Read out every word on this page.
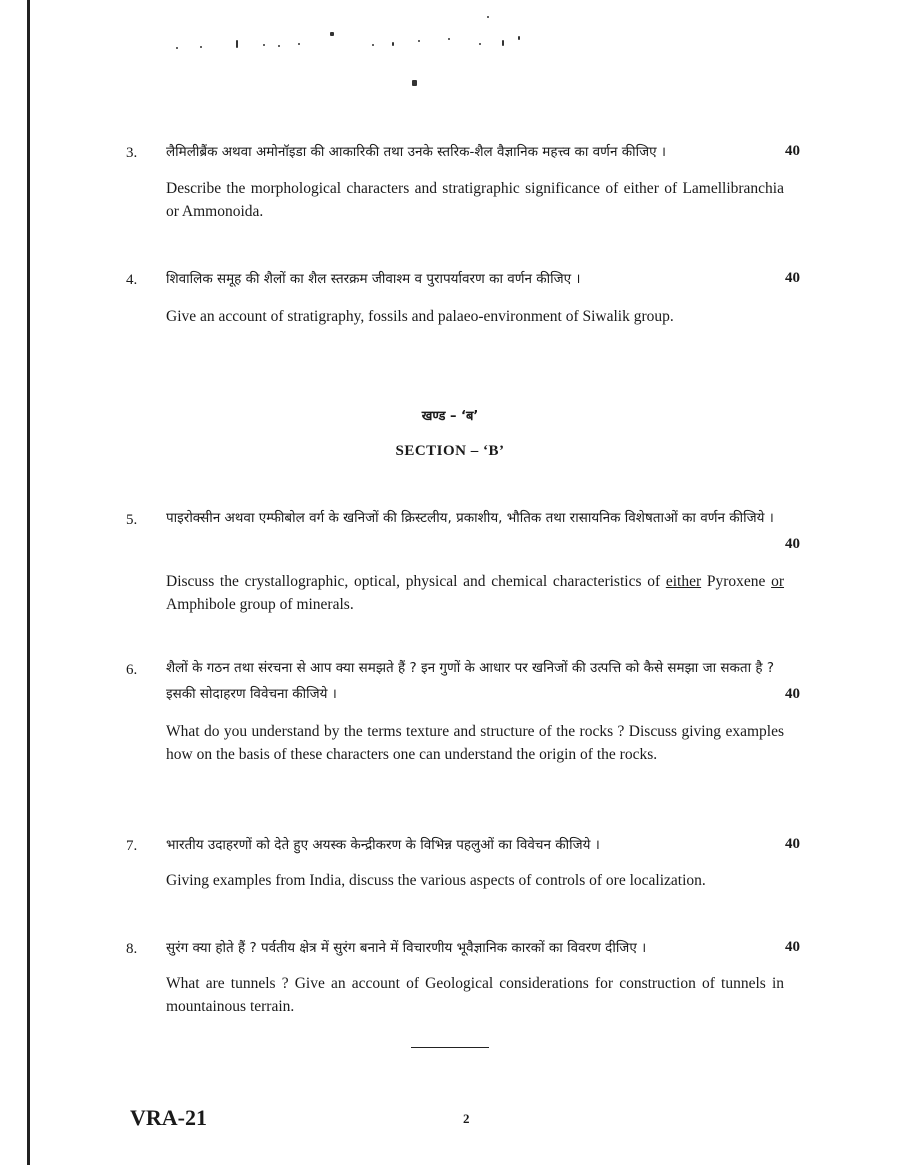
3. लैमिलीब्रैंक अथवा अमोनॉइडा की आकारिकी तथा उनके स्तरिक-शैल वैज्ञानिक महत्त्व का वर्णन कीजिए ।	40
Describe the morphological characters and stratigraphic significance of either of Lamellibranchia or Ammonoida.
4. शिवालिक समूह की शैलों का शैल स्तरक्रम जीवाश्म व पुरापर्यावरण का वर्णन कीजिए ।	40
Give an account of stratigraphy, fossils and palaeo-environment of Siwalik group.
खण्ड – ‘ब’
SECTION – ‘B’
5. पाइरोक्सीन अथवा एम्फीबोल वर्ग के खनिजों की क्रिस्टलीय, प्रकाशीय, भौतिक तथा रासायनिक विशेषताओं का वर्णन कीजिये ।
40
Discuss the crystallographic, optical, physical and chemical characteristics of either Pyroxene or Amphibole group of minerals.
6. शैलों के गठन तथा संरचना से आप क्या समझते हैं ? इन गुणों के आधार पर खनिजों की उत्पत्ति को कैसे समझा जा सकता है ? इसकी सोदाहरण विवेचना कीजिये ।	40
What do you understand by the terms texture and structure of the rocks ? Discuss giving examples how on the basis of these characters one can understand the origin of the rocks.
7. भारतीय उदाहरणों को देते हुए अयस्क केन्द्रीकरण के विभिन्न पहलुओं का विवेचन कीजिये ।	40
Giving examples from India, discuss the various aspects of controls of ore localization.
8. सुरंग क्या होते हैं ? पर्वतीय क्षेत्र में सुरंग बनाने में विचारणीय भूवैज्ञानिक कारकों का विवरण दीजिए ।	40
What are tunnels ? Give an account of Geological considerations for construction of tunnels in mountainous terrain.
VRA-21	2
